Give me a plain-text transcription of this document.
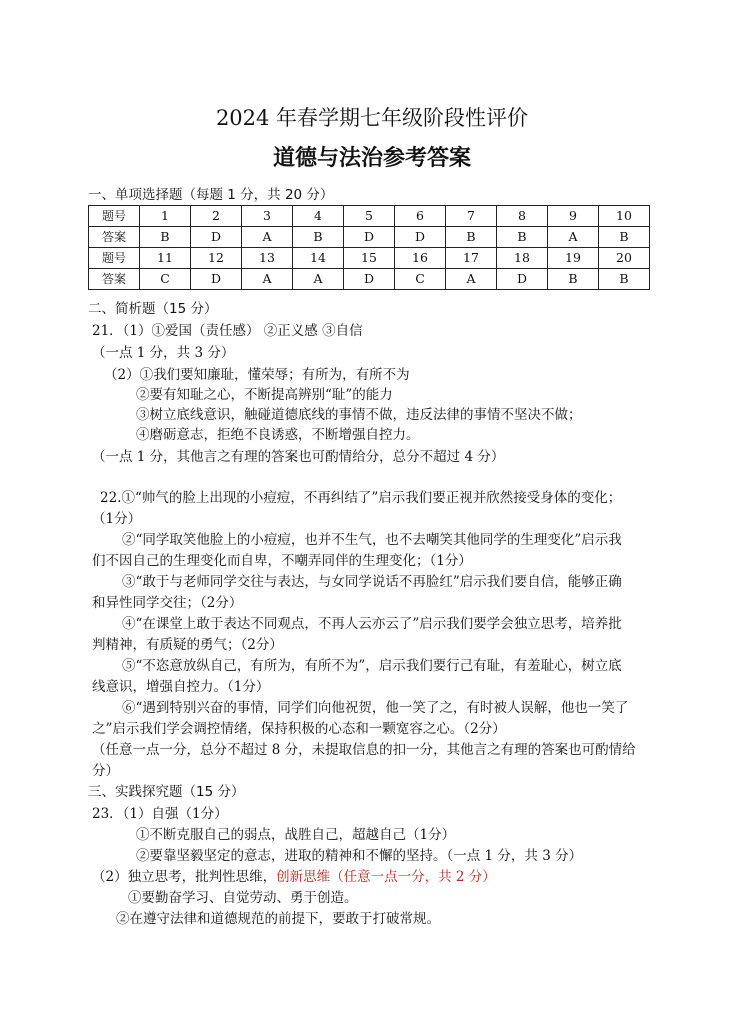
2024 年春学期七年级阶段性评价
道德与法治参考答案
一、单项选择题（每题 1 分，共 20 分）
题号	1	2	3	4	5	6	7	8	9	10
答案	B	D	A	B	D	D	B	B	A	B
题号	11	12	13	14	15	16	17	18	19	20
答案	C	D	A	A	D	C	A	D	B	B
二、简析题（15 分）
21．（1）①爱国（责任感） ②正义感 ③自信
（一点 1 分，共 3 分）
（2）①我们要知廉耻，懂荣辱；有所为，有所不为
②要有知耻之心，不断提高辨别“耻”的能力
③树立底线意识，触碰道德底线的事情不做，违反法律的事情不坚决不做；
④磨砺意志，拒绝不良诱惑，不断增强自控力。
（一点 1 分，其他言之有理的答案也可酌情给分，总分不超过 4 分）
22.①“帅气的脸上出现的小痘痘，不再纠结了”启示我们要正视并欣然接受身体的变化；
（1分）
②“同学取笑他脸上的小痘痘，也并不生气，也不去嘲笑其他同学的生理变化”启示我
们不因自己的生理变化而自卑，不嘲弄同伴的生理变化；（1分）
③“敢于与老师同学交往与表达，与女同学说话不再脸红”启示我们要自信，能够正确
和异性同学交往；（2分）
④“在课堂上敢于表达不同观点，不再人云亦云了”启示我们要学会独立思考，培养批
判精神，有质疑的勇气；（2分）
⑤“不恣意放纵自己，有所为，有所不为”，启示我们要行己有耻，有羞耻心，树立底
线意识，增强自控力。（1分）
⑥“遇到特别兴奋的事情，同学们向他祝贺，他一笑了之，有时被人误解，他也一笑了
之”启示我们学会调控情绪，保持积极的心态和一颗宽容之心。（2分）
（任意一点一分，总分不超过 8 分，未提取信息的扣一分，其他言之有理的答案也可酌情给
分）
三、实践探究题（15 分）
23．（1）自强（1分）
①不断克服自己的弱点，战胜自己，超越自己（1分）
②要靠坚毅坚定的意志，进取的精神和不懈的坚持。（一点 1 分，共 3 分）
（2）独立思考，批判性思维，创新思维（任意一点一分，共 2 分）
①要勤奋学习、自觉劳动、勇于创造。
②在遵守法律和道德规范的前提下，要敢于打破常规。
